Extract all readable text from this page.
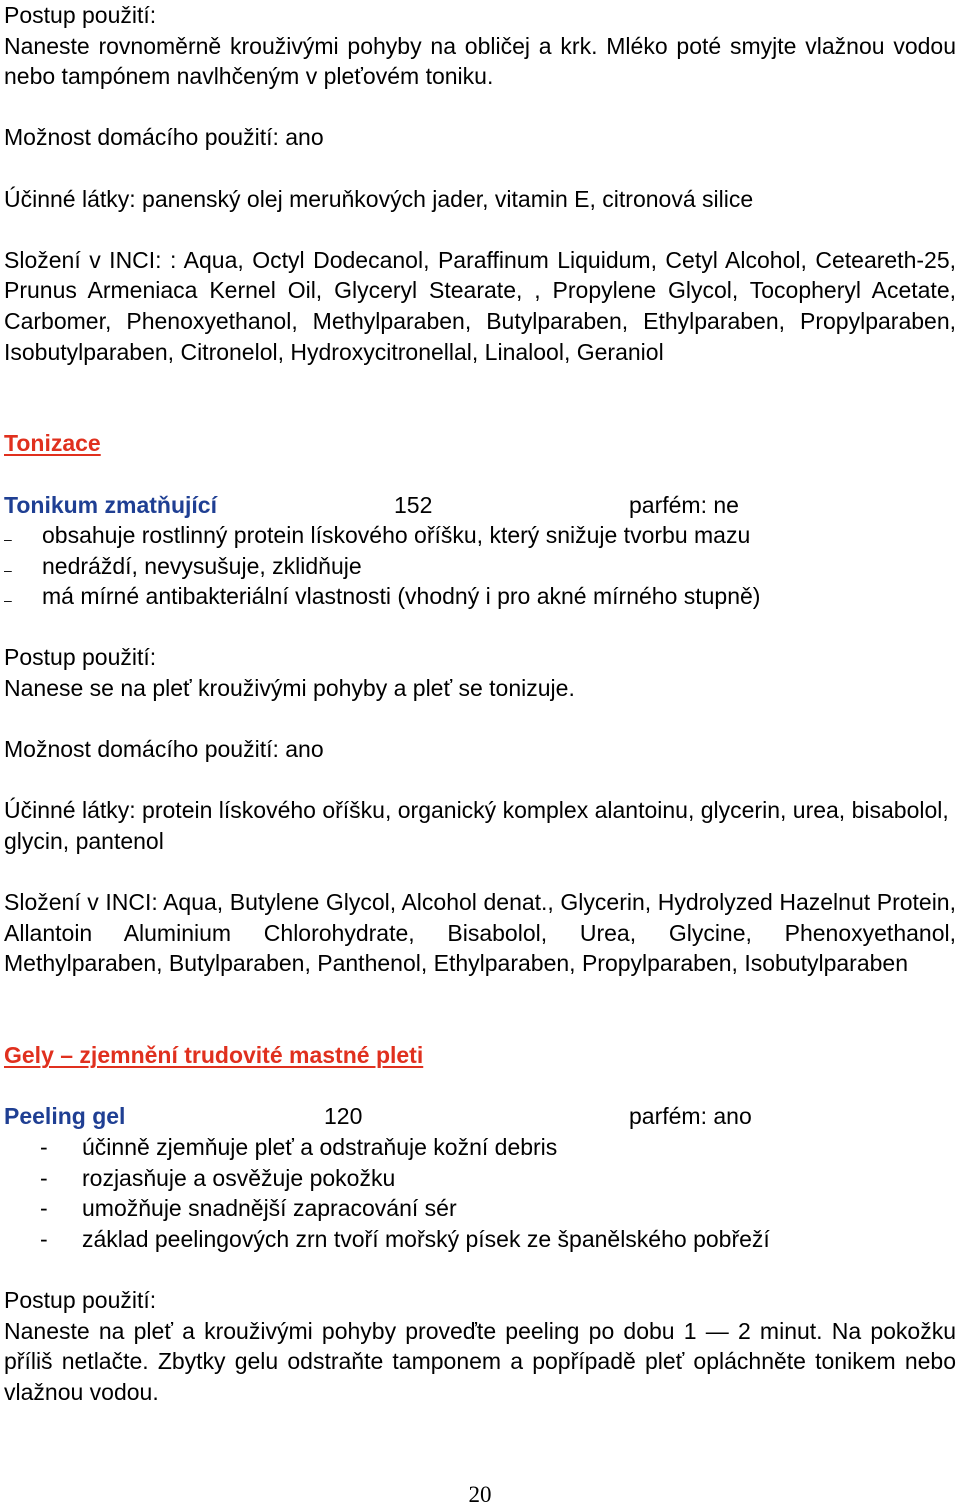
Postup použití:

Naneste rovnoměrně krouživými pohyby na obličej a krk. Mléko poté smyjte vlažnou vodou nebo tampónem navlhčeným v pleťovém toniku.

Možnost domácího použití: ano

Účinné látky: panenský olej meruňkových jader, vitamin E, citronová silice

Složení v INCI: : Aqua, Octyl Dodecanol, Paraffinum Liquidum, Cetyl Alcohol, Ceteareth-25, Prunus Armeniaca Kernel Oil, Glyceryl Stearate, , Propylene Glycol, Tocopheryl Acetate, Carbomer, Phenoxyethanol, Methylparaben, Butylparaben, Ethylparaben, Propylparaben, Isobutylparaben, Citronelol, Hydroxycitronellal, Linalool, Geraniol

Tonizace

Tonikum zmatňující	152	parfém: ne
– obsahuje rostlinný protein lískového oříšku, který snižuje tvorbu mazu
– nedráždí, nevysušuje, zklidňuje
– má mírné antibakteriální vlastnosti (vhodný i pro akné mírného stupně)

Postup použití:

Nanese se na pleť krouživými pohyby a pleť se tonizuje.

Možnost domácího použití: ano

Účinné látky: protein lískového oříšku, organický komplex alantoinu, glycerin, urea, bisabolol, glycin, pantenol

Složení v INCI: Aqua, Butylene Glycol, Alcohol denat., Glycerin, Hydrolyzed Hazelnut Protein, Allantoin Aluminium Chlorohydrate, Bisabolol, Urea, Glycine, Phenoxyethanol, Methylparaben, Butylparaben, Panthenol, Ethylparaben, Propylparaben, Isobutylparaben

Gely – zjemnění trudovité mastné pleti

Peeling gel	120	parfém: ano
- účinně zjemňuje pleť a odstraňuje kožní debris
- rozjasňuje a osvěžuje pokožku
- umožňuje snadnější zapracování sér
- základ peelingových zrn tvoří mořský písek ze španělského pobřeží

Postup použití:

Naneste na pleť a krouživými pohyby proveďte peeling po dobu 1 — 2 minut. Na pokožku příliš netlačte. Zbytky gelu odstraňte tamponem a popřípadě pleť opláchněte tonikem nebo vlažnou vodou.

20
